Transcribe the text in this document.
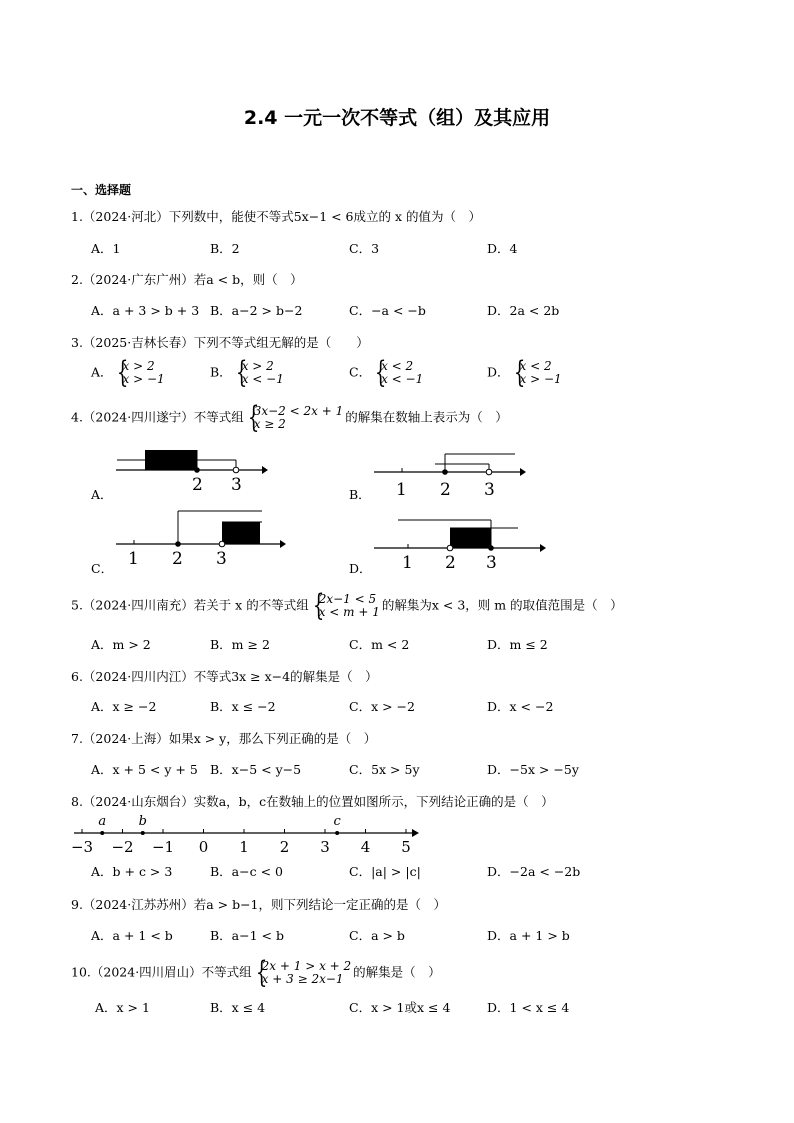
2.4 一元一次不等式（组）及其应用
一、选择题
1.（2024·河北）下列数中，能使不等式5x−1 < 6成立的 x 的值为（　）
A．1	B．2	C．3	D．4
2.（2024·广东广州）若a < b，则（　）
A．a + 3 > b + 3 B．a−2 > b−2	C．−a < −b	D．2a < 2b
3.（2025·吉林长春）下列不等式组无解的是（　　）
A． { x > 2
x > −1	B． { x > 2
x < −1	C． { x < 2
x < −1	D． { x < 2
x > −1
4.（2024·四川遂宁）不等式组 { 3x−2 < 2x + 1
x ≥ 2	的解集在数轴上表示为（　）
A．	2 3	B． 1 2 3
C． 1 2 3	D． 1 2 3
5.（2024·四川南充）若关于 x 的不等式组 { 2x−1 < 5
x < m + 1 的解集为x < 3，则 m 的取值范围是（　）
A．m > 2	B．m ≥ 2	C．m < 2	D．m ≤ 2
6.（2024·四川内江）不等式3x ≥ x−4的解集是（　）
A．x ≥ −2	B．x ≤ −2	C．x > −2	D．x < −2
7.（2024·上海）如果x > y，那么下列正确的是（　）
A．x + 5 < y + 5 B．x−5 < y−5	C．5x > 5y	D．−5x > −5y
8.（2024·山东烟台）实数a，b，c在数轴上的位置如图所示，下列结论正确的是（　）
−3 −2 −1 0 1 2 3 4 5
a b	c
A．b + c > 3	B．a−c < 0	C．|a| > |c|	D．−2a < −2b
9.（2024·江苏苏州）若a > b−1，则下列结论一定正确的是（　）
A．a + 1 < b	B．a−1 < b	C．a > b	D．a + 1 > b
10.（2024·四川眉山）不等式组 { 2x + 1 > x + 2
x + 3 ≥ 2x−1 的解集是（　）
A．x > 1	B．x ≤ 4	C．x > 1或x ≤ 4	D．1 < x ≤ 4
